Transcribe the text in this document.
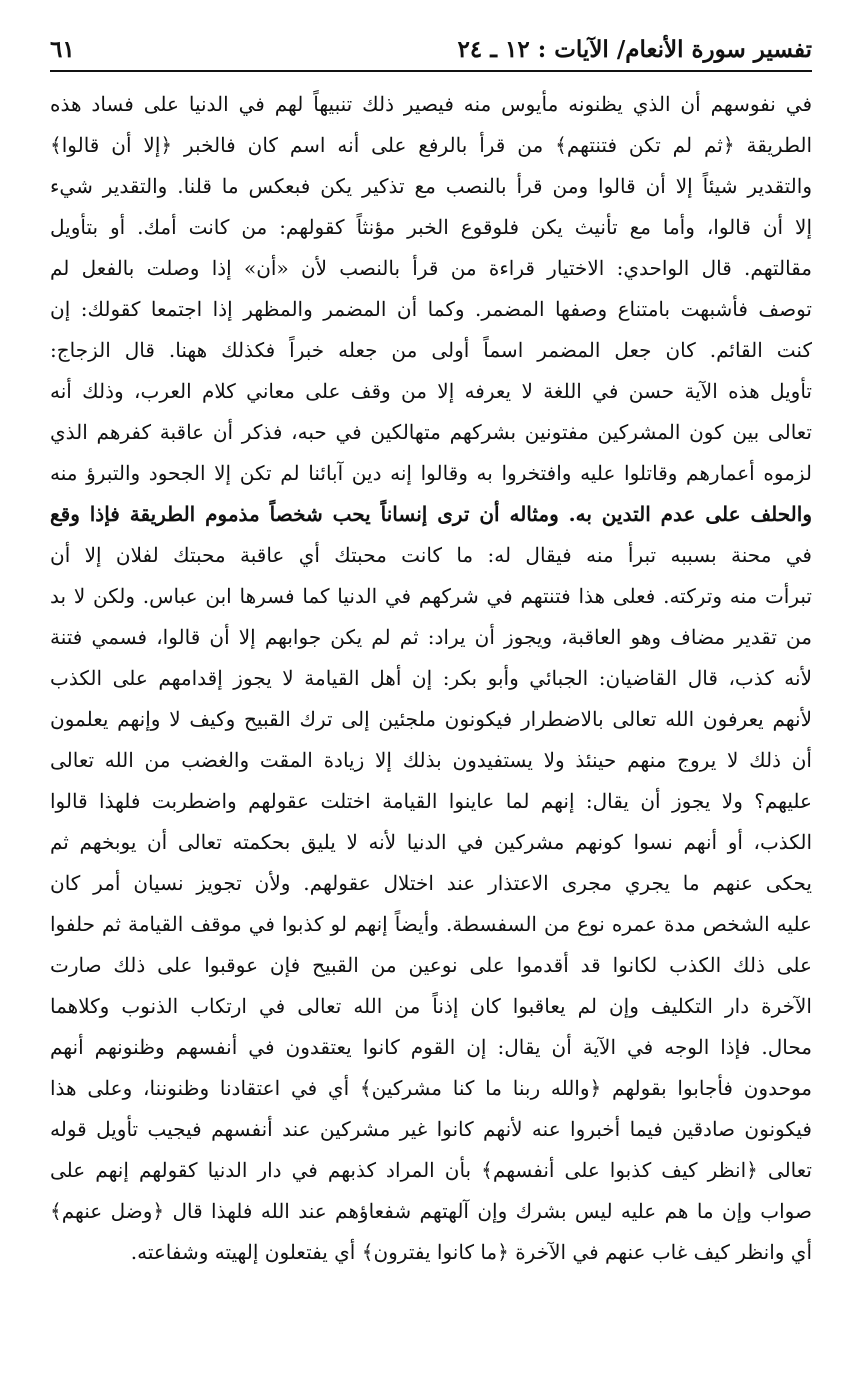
تفسير سورة الأنعام/ الآيات : ١٢ ـ ٢٤
٦١
في نفوسهم أن الذي يظنونه مأيوس منه فيصير ذلك تنبيهاً لهم في الدنيا على فساد هذه
الطريقة ﴿ثم لم تكن فتنتهم﴾ من قرأ بالرفع على أنه اسم كان فالخبر ﴿إلا أن قالوا﴾
والتقدير شيئاً إلا أن قالوا ومن قرأ بالنصب مع تذكير يكن فبعكس ما قلنا. والتقدير شيء
إلا أن قالوا، وأما مع تأنيث يكن فلوقوع الخبر مؤنثاً كقولهم: من كانت أمك. أو بتأويل
مقالتهم. قال الواحدي: الاختيار قراءة من قرأ بالنصب لأن «أن» إذا وصلت بالفعل لم
توصف فأشبهت بامتناع وصفها المضمر. وكما أن المضمر والمظهر إذا اجتمعا كقولك: إن
كنت القائم. كان جعل المضمر اسماً أولى من جعله خبراً فكذلك ههنا. قال الزجاج:
تأويل هذه الآية حسن في اللغة لا يعرفه إلا من وقف على معاني كلام العرب، وذلك أنه
تعالى بين كون المشركين مفتونين بشركهم متهالكين في حبه، فذكر أن عاقبة كفرهم الذي
لزموه أعمارهم وقاتلوا عليه وافتخروا به وقالوا إنه دين آبائنا لم تكن إلا الجحود والتبرؤ منه
والحلف على عدم التدين به. ومثاله أن ترى إنساناً يحب شخصاً مذموم الطريقة فإذا وقع
في محنة بسببه تبرأ منه فيقال له: ما كانت محبتك أي عاقبة محبتك لفلان إلا أن
تبرأت منه وتركته. فعلى هذا فتنتهم في شركهم في الدنيا كما فسرها ابن عباس. ولكن لا بد
من تقدير مضاف وهو العاقبة، ويجوز أن يراد: ثم لم يكن جوابهم إلا أن قالوا، فسمي فتنة
لأنه كذب، قال القاضيان: الجبائي وأبو بكر: إن أهل القيامة لا يجوز إقدامهم على الكذب
لأنهم يعرفون الله تعالى بالاضطرار فيكونون ملجئين إلى ترك القبيح وكيف لا وإنهم يعلمون
أن ذلك لا يروج منهم حينئذ ولا يستفيدون بذلك إلا زيادة المقت والغضب من الله تعالى
عليهم؟ ولا يجوز أن يقال: إنهم لما عاينوا القيامة اختلت عقولهم واضطربت فلهذا قالوا
الكذب، أو أنهم نسوا كونهم مشركين في الدنيا لأنه لا يليق بحكمته تعالى أن يوبخهم ثم
يحكى عنهم ما يجري مجرى الاعتذار عند اختلال عقولهم. ولأن تجويز نسيان أمر كان
عليه الشخص مدة عمره نوع من السفسطة. وأيضاً إنهم لو كذبوا في موقف القيامة ثم حلفوا
على ذلك الكذب لكانوا قد أقدموا على نوعين من القبيح فإن عوقبوا على ذلك صارت
الآخرة دار التكليف وإن لم يعاقبوا كان إذناً من الله تعالى في ارتكاب الذنوب وكلاهما
محال. فإذا الوجه في الآية أن يقال: إن القوم كانوا يعتقدون في أنفسهم وظنونهم أنهم
موحدون فأجابوا بقولهم ﴿والله ربنا ما كنا مشركين﴾ أي في اعتقادنا وظنوننا، وعلى هذا
فيكونون صادقين فيما أخبروا عنه لأنهم كانوا غير مشركين عند أنفسهم فيجيب تأويل قوله
تعالى ﴿انظر كيف كذبوا على أنفسهم﴾ بأن المراد كذبهم في دار الدنيا كقولهم إنهم على
صواب وإن ما هم عليه ليس بشرك وإن آلهتهم شفعاؤهم عند الله فلهذا قال ﴿وضل عنهم﴾
أي وانظر كيف غاب عنهم في الآخرة ﴿ما كانوا يفترون﴾ أي يفتعلون إلهيته وشفاعته.
